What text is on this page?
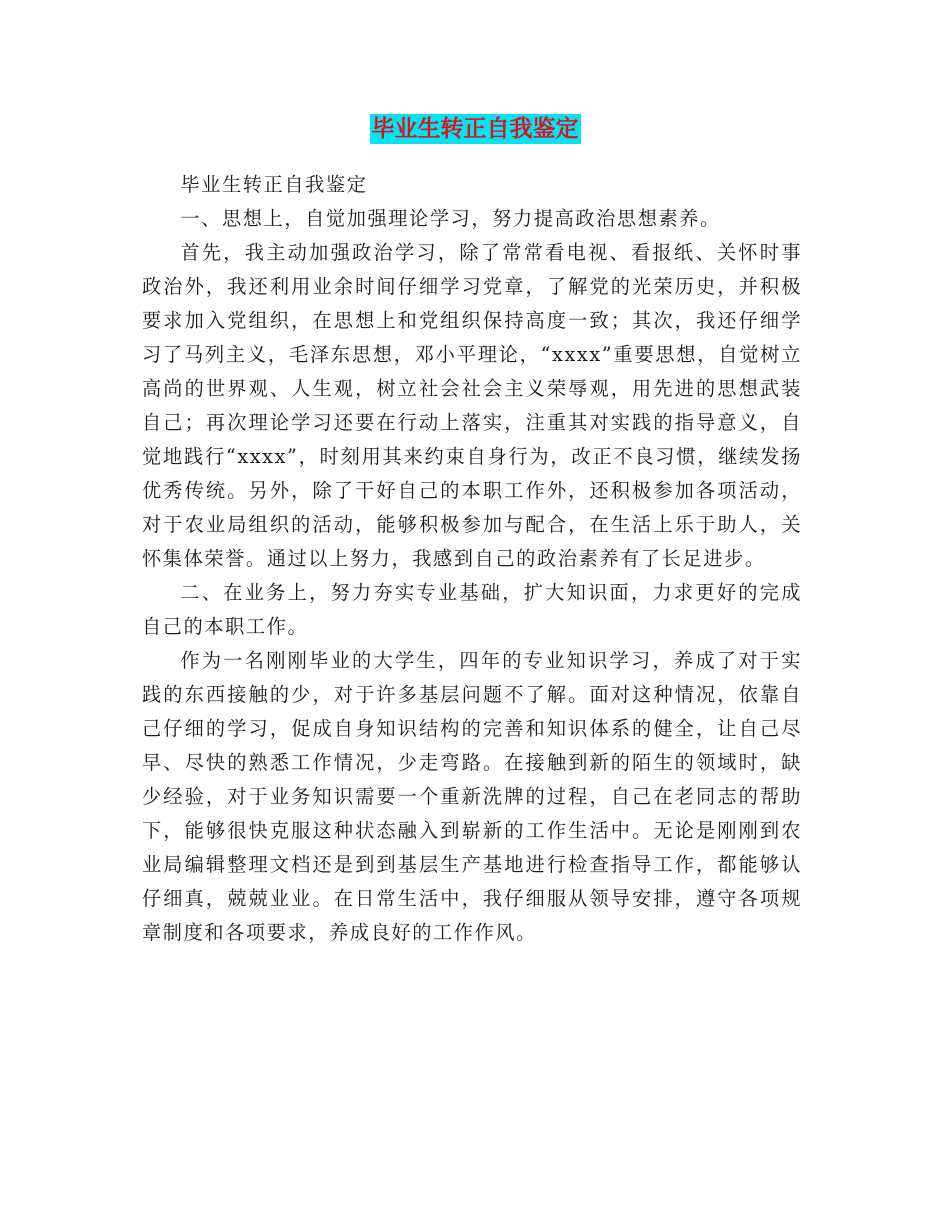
毕业生转正自我鉴定

毕业生转正自我鉴定

一、思想上，自觉加强理论学习，努力提高政治思想素养。

首先，我主动加强政治学习，除了常常看电视、看报纸、关怀时事政治外，我还利用业余时间仔细学习党章，了解党的光荣历史，并积极要求加入党组织，在思想上和党组织保持高度一致；其次，我还仔细学习了马列主义，毛泽东思想，邓小平理论，“xxxx”重要思想，自觉树立高尚的世界观、人生观，树立社会社会主义荣辱观，用先进的思想武装自己；再次理论学习还要在行动上落实，注重其对实践的指导意义，自觉地践行“xxxx”，时刻用其来约束自身行为，改正不良习惯，继续发扬优秀传统。另外，除了干好自己的本职工作外，还积极参加各项活动，对于农业局组织的活动，能够积极参加与配合，在生活上乐于助人，关怀集体荣誉。通过以上努力，我感到自己的政治素养有了长足进步。

二、在业务上，努力夯实专业基础，扩大知识面，力求更好的完成自己的本职工作。

作为一名刚刚毕业的大学生，四年的专业知识学习，养成了对于实践的东西接触的少，对于许多基层问题不了解。面对这种情况，依靠自己仔细的学习，促成自身知识结构的完善和知识体系的健全，让自己尽早、尽快的熟悉工作情况，少走弯路。在接触到新的陌生的领域时，缺少经验，对于业务知识需要一个重新洗牌的过程，自己在老同志的帮助下，能够很快克服这种状态融入到崭新的工作生活中。无论是刚刚到农业局编辑整理文档还是到到基层生产基地进行检查指导工作，都能够认仔细真，兢兢业业。在日常生活中，我仔细服从领导安排，遵守各项规章制度和各项要求，养成良好的工作作风。
